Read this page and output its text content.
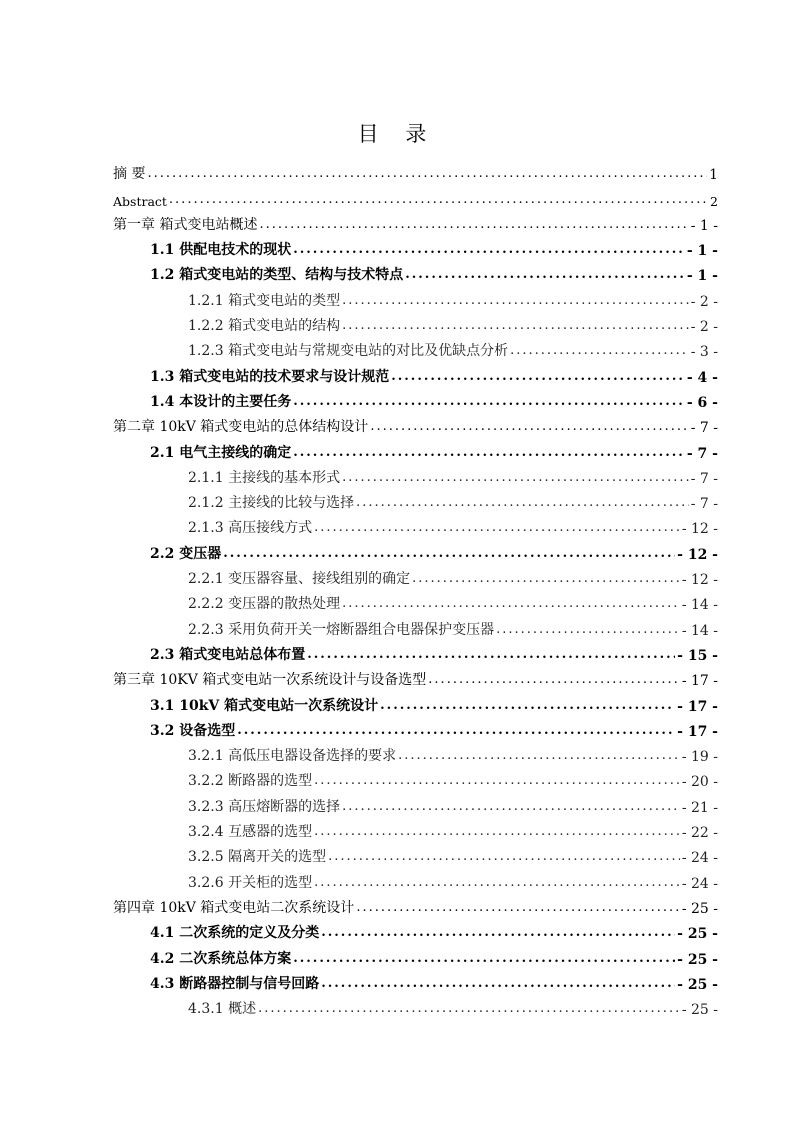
目 录
摘 要 .....	1
Abstract .....	2
第一章 箱式变电站概述 .....	- 1 -
1.1 供配电技术的现状 .....	- 1 -
1.2 箱式变电站的类型、结构与技术特点 .....	- 1 -
1.2.1 箱式变电站的类型 .....	- 2 -
1.2.2 箱式变电站的结构 .....	- 2 -
1.2.3 箱式变电站与常规变电站的对比及优缺点分析 .....	- 3 -
1.3 箱式变电站的技术要求与设计规范 .....	- 4 -
1.4 本设计的主要任务 .....	- 6 -
第二章 10kV 箱式变电站的总体结构设计 .....	- 7 -
2.1 电气主接线的确定 .....	- 7 -
2.1.1 主接线的基本形式 .....	- 7 -
2.1.2 主接线的比较与选择 .....	- 7 -
2.1.3 高压接线方式 .....	- 12 -
2.2 变压器 .....	- 12 -
2.2.1 变压器容量、接线组别的确定 .....	- 12 -
2.2.2 变压器的散热处理 .....	- 14 -
2.2.3 采用负荷开关一熔断器组合电器保护变压器 .....	- 14 -
2.3 箱式变电站总体布置 .....	- 15 -
第三章 10KV 箱式变电站一次系统设计与设备选型 .....	- 17 -
3.1 10kV 箱式变电站一次系统设计 .....	- 17 -
3.2 设备选型 .....	- 17 -
3.2.1 高低压电器设备选择的要求 .....	- 19 -
3.2.2 断路器的选型 .....	- 20 -
3.2.3 高压熔断器的选择 .....	- 21 -
3.2.4 互感器的选型 .....	- 22 -
3.2.5 隔离开关的选型 .....	- 24 -
3.2.6 开关柜的选型 .....	- 24 -
第四章 10kV 箱式变电站二次系统设计 .....	- 25 -
4.1 二次系统的定义及分类 .....	- 25 -
4.2 二次系统总体方案 .....	- 25 -
4.3 断路器控制与信号回路 .....	- 25 -
4.3.1 概述 .....	- 25 -
